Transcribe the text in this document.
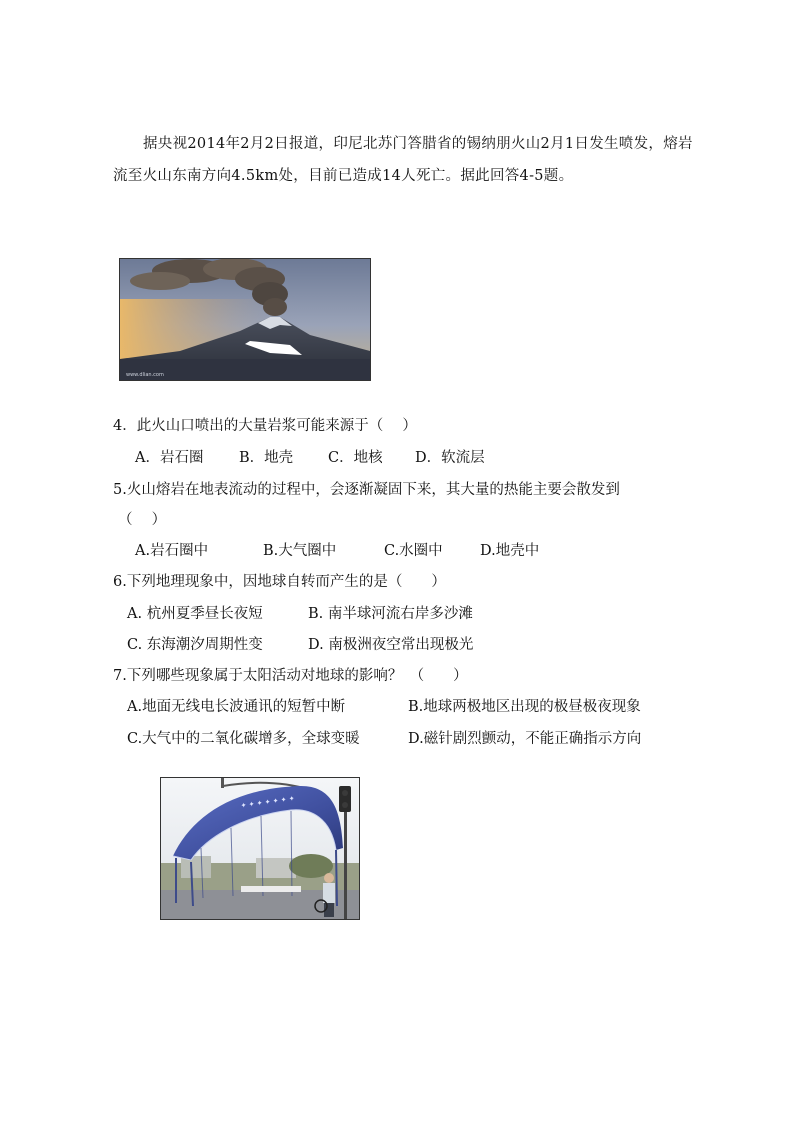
据央视2014年2月2日报道，印尼北苏门答腊省的锡纳朋火山2月1日发生喷发，熔岩流至火山东南方向4.5km处，目前已造成14人死亡。据此回答4-5题。

www.dlian.com

4．此火山口喷出的大量岩浆可能来源于（　 ）

A．岩石圈 B．地壳 C．地核 D．软流层

5.火山熔岩在地表流动的过程中，会逐渐凝固下来，其大量的热能主要会散发到

（　 ）

A.岩石圈中	B.大气圈中	C.水圈中	D.地壳中

6.下列地理现象中，因地球自转而产生的是（　　）

A. 杭州夏季昼长夜短	B. 南半球河流右岸多沙滩
C. 东海潮汐周期性变	D. 南极洲夜空常出现极光

7.下列哪些现象属于太阳活动对地球的影响？　（　　）

A.地面无线电长波通讯的短暂中断	B.地球两极地区出现的极昼极夜现象
C.大气中的二氧化碳增多，全球变暖	D.磁针剧烈颤动，不能正确指示方向
✦ ✦ ✦ ✦ ✦ ✦ ✦
